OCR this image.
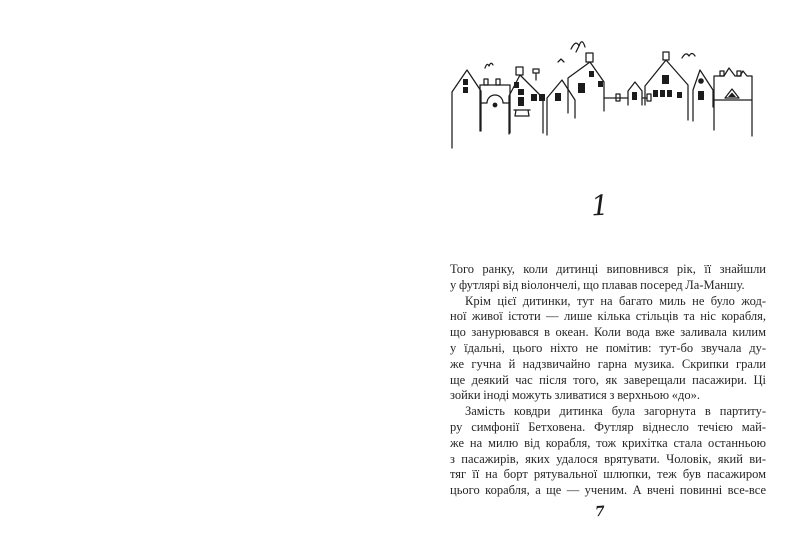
1
Того ранку, коли дитинці виповнився рік, її знайшли
у футлярі від віолончелі, що плавав посеред Ла-Маншу.
Крім цієї дитинки, тут на багато миль не було жод-
ної живої істоти — лише кілька стільців та ніс корабля,
що занурювався в океан. Коли вода вже заливала килим
у їдальні, цього ніхто не помітив: тут-бо звучала ду-
же гучна й надзвичайно гарна музика. Скрипки грали
ще деякий час після того, як заверещали пасажири. Ці
зойки іноді можуть зливатися з верхньою «до».
Замість ковдри дитинка була загорнута в партиту-
ру симфонії Бетховена. Футляр віднесло течією май-
же на милю від корабля, тож крихітка стала останньою
з пасажирів, яких удалося врятувати. Чоловік, який ви-
тяг її на борт рятувальної шлюпки, теж був пасажиром
цього корабля, а ще — ученим. А вчені повинні все-все
7
